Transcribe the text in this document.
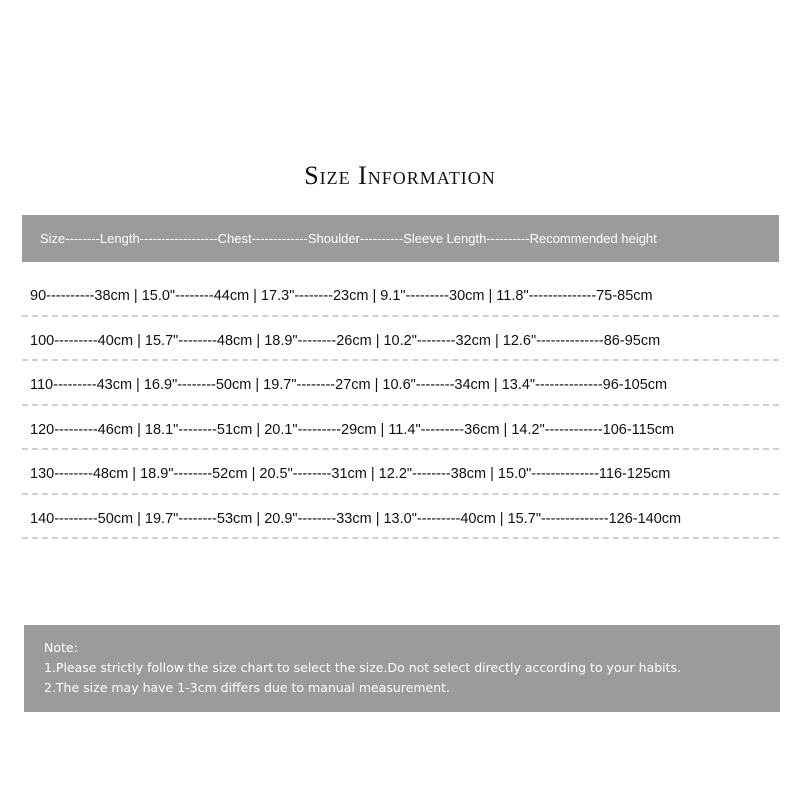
Size Information
Size--------Length------------------Chest-------------Shoulder----------Sleeve Length----------Recommended height
90----------38cm | 15.0"--------44cm | 17.3"--------23cm | 9.1"---------30cm | 11.8"--------------75-85cm
100---------40cm | 15.7"--------48cm | 18.9"--------26cm | 10.2"--------32cm | 12.6"--------------86-95cm
110---------43cm | 16.9"--------50cm | 19.7"--------27cm | 10.6"--------34cm | 13.4"--------------96-105cm
120---------46cm | 18.1"--------51cm | 20.1"---------29cm | 11.4"---------36cm | 14.2"------------106-115cm
130--------48cm | 18.9"--------52cm | 20.5"--------31cm | 12.2"--------38cm | 15.0"--------------116-125cm
140---------50cm | 19.7"--------53cm | 20.9"--------33cm | 13.0"---------40cm | 15.7"--------------126-140cm
Note:
1.Please strictly follow the size chart to select the size.Do not select directly according to your habits.
2.The size may have 1-3cm differs due to manual measurement.
